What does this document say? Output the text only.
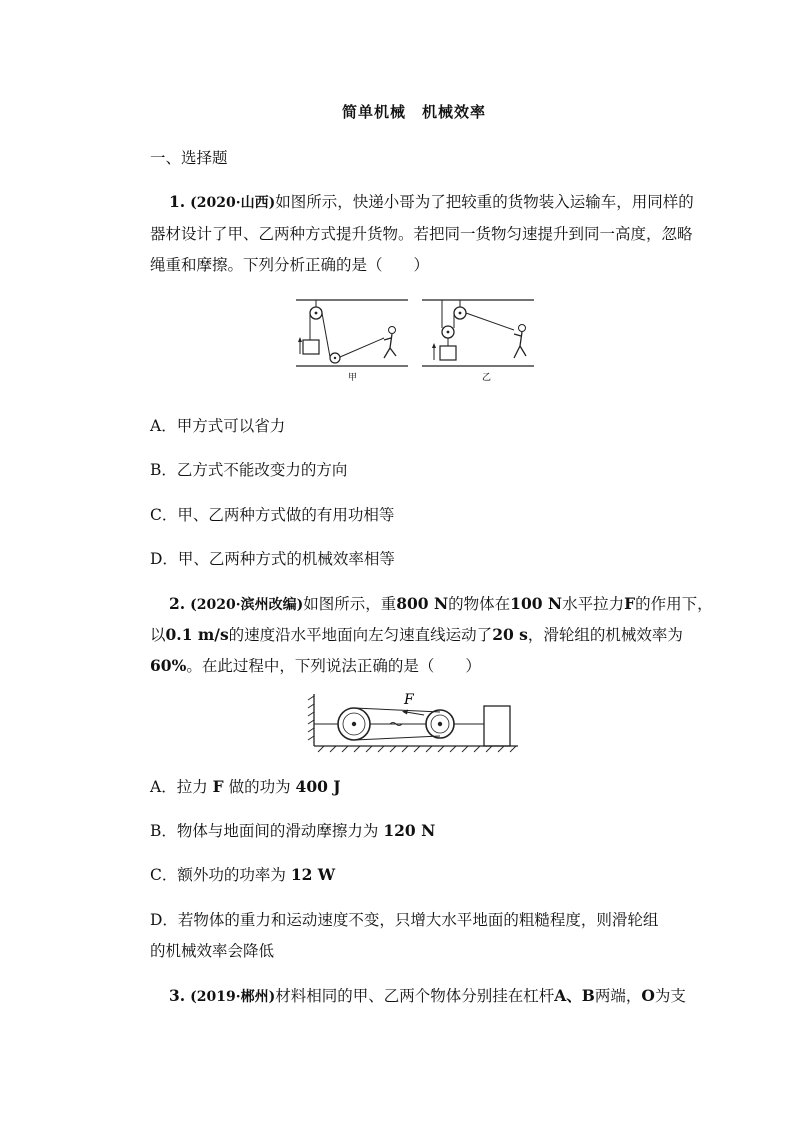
简单机械 机械效率
一、选择题
1. (2020·山西)如图所示，快递小哥为了把较重的货物装入运输车，用同样的
器材设计了甲、乙两种方式提升货物。若把同一货物匀速提升到同一高度，忽略
绳重和摩擦。下列分析正确的是（　　）
甲	乙
A．甲方式可以省力
B．乙方式不能改变力的方向
C．甲、乙两种方式做的有用功相等
D．甲、乙两种方式的机械效率相等
2. (2020·滨州改编)如图所示，重800 N的物体在100 N水平拉力F的作用下，
以0.1 m/s的速度沿水平地面向左匀速直线运动了20 s，滑轮组的机械效率为
60%。在此过程中，下列说法正确的是（　　）
F
A．拉力 F 做的功为 400 J
B．物体与地面间的滑动摩擦力为 120 N
C．额外功的功率为 12 W
D．若物体的重力和运动速度不变，只增大水平地面的粗糙程度，则滑轮组
的机械效率会降低
3. (2019·郴州)材料相同的甲、乙两个物体分别挂在杠杆A、B两端，O为支
